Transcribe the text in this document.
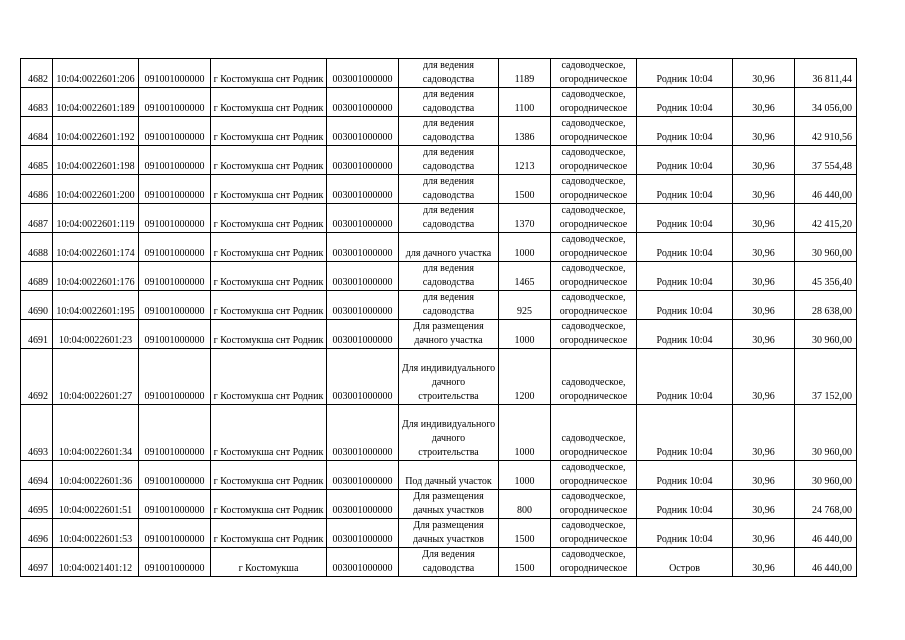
4682	10:04:0022601:206	091001000000	г Костомукша снт Родник	003001000000	для ведения садоводства	1189	садоводческое, огородническое	Родник 10:04	30,96	36 811,44
4683	10:04:0022601:189	091001000000	г Костомукша снт Родник	003001000000	для ведения садоводства	1100	садоводческое, огородническое	Родник 10:04	30,96	34 056,00
4684	10:04:0022601:192	091001000000	г Костомукша снт Родник	003001000000	для ведения садоводства	1386	садоводческое, огородническое	Родник 10:04	30,96	42 910,56
4685	10:04:0022601:198	091001000000	г Костомукша снт Родник	003001000000	для ведения садоводства	1213	садоводческое, огородническое	Родник 10:04	30,96	37 554,48
4686	10:04:0022601:200	091001000000	г Костомукша снт Родник	003001000000	для ведения садоводства	1500	садоводческое, огородническое	Родник 10:04	30,96	46 440,00
4687	10:04:0022601:119	091001000000	г Костомукша снт Родник	003001000000	для ведения садоводства	1370	садоводческое, огородническое	Родник 10:04	30,96	42 415,20
4688	10:04:0022601:174	091001000000	г Костомукша снт Родник	003001000000	для дачного участка	1000	садоводческое, огородническое	Родник 10:04	30,96	30 960,00
4689	10:04:0022601:176	091001000000	г Костомукша снт Родник	003001000000	для ведения садоводства	1465	садоводческое, огородническое	Родник 10:04	30,96	45 356,40
4690	10:04:0022601:195	091001000000	г Костомукша снт Родник	003001000000	для ведения садоводства	925	садоводческое, огородническое	Родник 10:04	30,96	28 638,00
4691	10:04:0022601:23	091001000000	г Костомукша снт Родник	003001000000	Для размещения дачного участка	1000	садоводческое, огородническое	Родник 10:04	30,96	30 960,00
4692	10:04:0022601:27	091001000000	г Костомукша снт Родник	003001000000	Для индивидуального дачного строительства	1200	садоводческое, огородническое	Родник 10:04	30,96	37 152,00
4693	10:04:0022601:34	091001000000	г Костомукша снт Родник	003001000000	Для индивидуального дачного строительства	1000	садоводческое, огородническое	Родник 10:04	30,96	30 960,00
4694	10:04:0022601:36	091001000000	г Костомукша снт Родник	003001000000	Под дачный участок	1000	садоводческое, огородническое	Родник 10:04	30,96	30 960,00
4695	10:04:0022601:51	091001000000	г Костомукша снт Родник	003001000000	Для размещения дачных участков	800	садоводческое, огородническое	Родник 10:04	30,96	24 768,00
4696	10:04:0022601:53	091001000000	г Костомукша снт Родник	003001000000	Для размещения дачных участков	1500	садоводческое, огородническое	Родник 10:04	30,96	46 440,00
4697	10:04:0021401:12	091001000000	г Костомукша	003001000000	Для ведения садоводства	1500	садоводческое, огородническое	Остров	30,96	46 440,00
